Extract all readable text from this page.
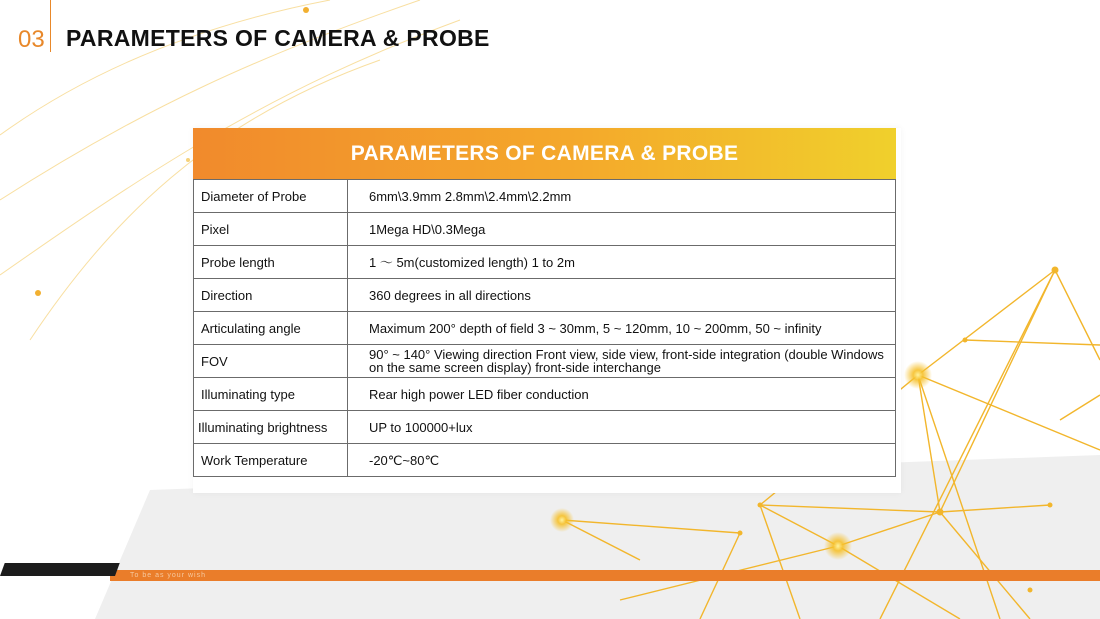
03 PARAMETERS OF CAMERA & PROBE
PARAMETERS OF CAMERA & PROBE
Diameter of Probe	6mm\3.9mm 2.8mm\2.4mm\2.2mm
Pixel	1Mega HD\0.3Mega
Probe length	1 ～ 5m(customized length) 1 to 2m
Direction	360 degrees in all directions
Articulating angle	Maximum 200° depth of field 3 ~ 30mm, 5 ~ 120mm, 10 ~ 200mm, 50 ~ infinity
FOV	90° ~ 140° Viewing direction Front view, side view, front-side integration (double Windows on the same screen display) front-side interchange
Illuminating type	Rear high power LED fiber conduction
Illuminating brightness	UP to 100000+lux
Work Temperature	-20℃~80℃
To be as your wish
